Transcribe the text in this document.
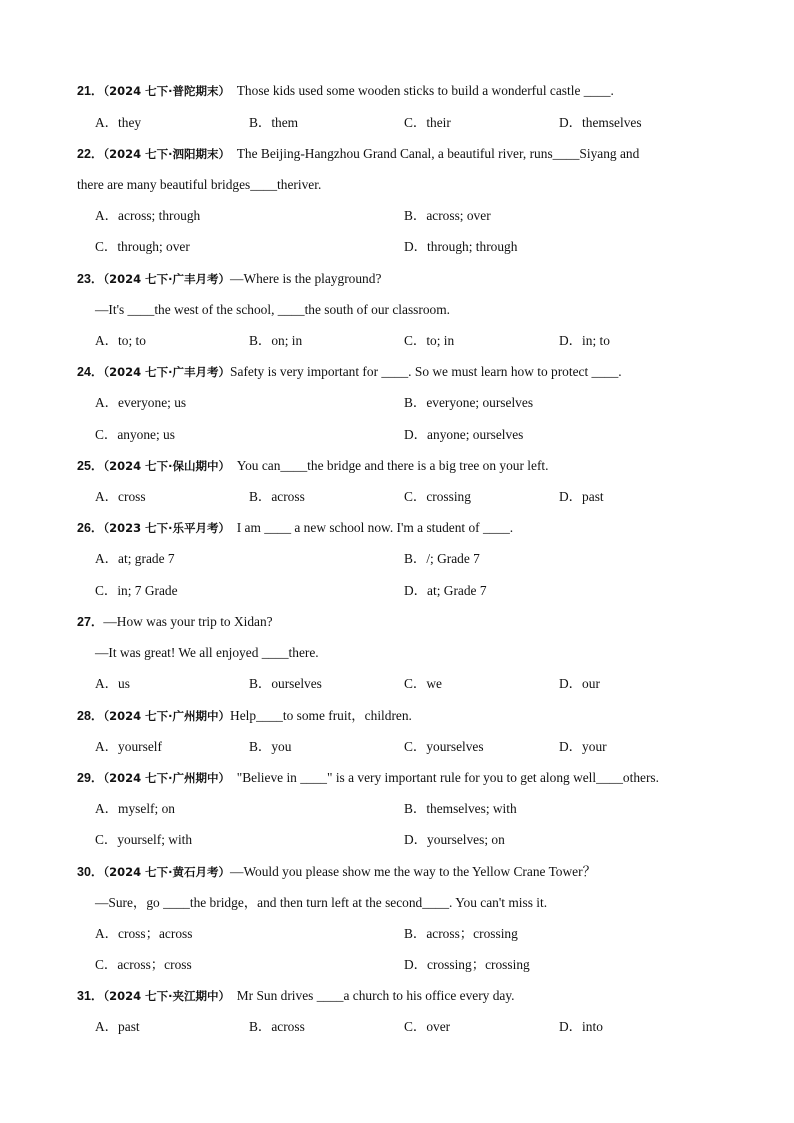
21．（2024 七下·普陀期末） Those kids used some wooden sticks to build a wonderful castle ____.
A．they	B．them	C．their	D．themselves
22．（2024 七下·泗阳期末） The Beijing-Hangzhou Grand Canal, a beautiful river, runs____Siyang and
there are many beautiful bridges____theriver.
A．across; through	B．across; over
C．through; over	D．through; through
23．（2024 七下·广丰月考）—Where is the playground?
—It's ____the west of the school, ____the south of our classroom.
A．to; to	B．on; in	C．to; in	D．in; to
24．（2024 七下·广丰月考）Safety is very important for ____. So we must learn how to protect ____.
A．everyone; us	B．everyone; ourselves
C．anyone; us	D．anyone; ourselves
25．（2024 七下·保山期中） You can____the bridge and there is a big tree on your left.
A．cross	B．across	C．crossing	D．past
26．（2023 七下·乐平月考） I am ____ a new school now. I'm a student of ____.
A．at; grade 7	B．/; Grade 7
C．in; 7 Grade	D．at; Grade 7
27．—How was your trip to Xidan?
—It was great! We all enjoyed ____there.
A．us	B．ourselves	C．we	D．our
28．（2024 七下·广州期中）Help____to some fruit，children.
A．yourself	B．you	C．yourselves	D．your
29．（2024 七下·广州期中） "Believe in ____" is a very important rule for you to get along well____others.
A．myself; on	B．themselves; with
C．yourself; with	D．yourselves; on
30．（2024 七下·黄石月考）—Would you please show me the way to the Yellow Crane Tower？
—Sure，go ____the bridge，and then turn left at the second____. You can't miss it.
A．cross；across	B．across；crossing
C．across；cross	D．crossing；crossing
31．（2024 七下·夹江期中） Mr Sun drives ____a church to his office every day.
A．past	B．across	C．over	D．into
